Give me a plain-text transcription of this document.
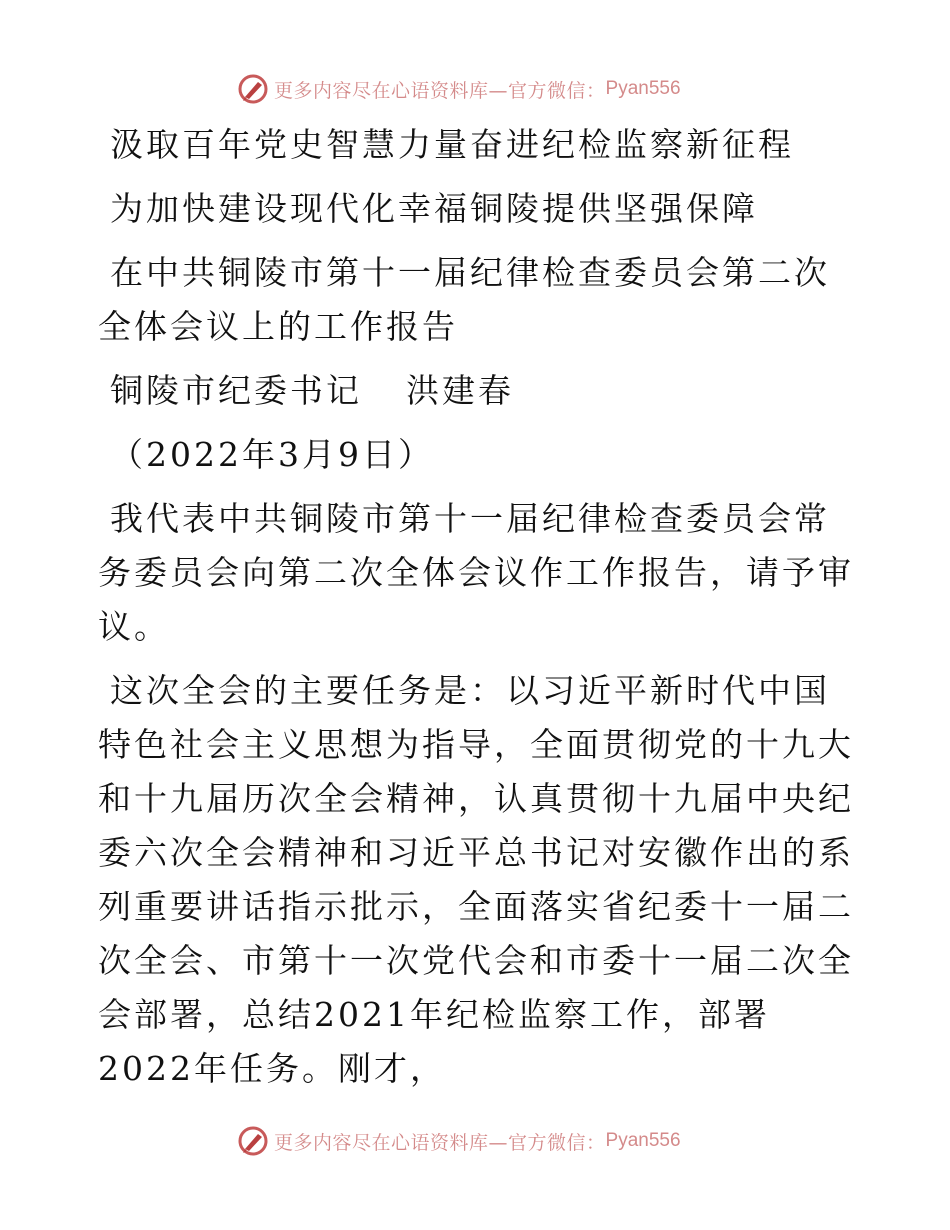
更多内容尽在心语资料库—官方微信： Pyan556

汲取百年党史智慧力量奋进纪检监察新征程

为加快建设现代化幸福铜陵提供坚强保障

在中共铜陵市第十一届纪律检查委员会第二次全体会议上的工作报告

铜陵市纪委书记 洪建春

（2022年3月9日）

我代表中共铜陵市第十一届纪律检查委员会常务委员会向第二次全体会议作工作报告，请予审议。

这次全会的主要任务是：以习近平新时代中国特色社会主义思想为指导，全面贯彻党的十九大和十九届历次全会精神，认真贯彻十九届中央纪委六次全会精神和习近平总书记对安徽作出的系列重要讲话指示批示，全面落实省纪委十一届二次全会、市第十一次党代会和市委十一届二次全会部署，总结2021年纪检监察工作，部署2022年任务。刚才，

更多内容尽在心语资料库—官方微信： Pyan556
